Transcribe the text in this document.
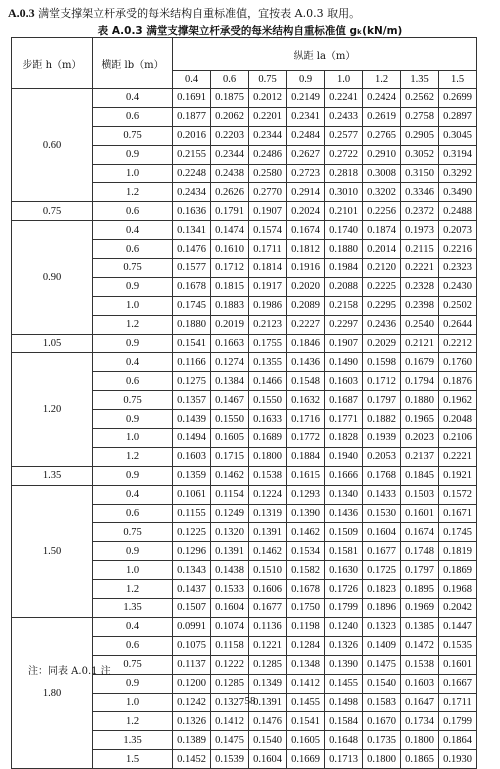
A.0.3 满堂支撑架立杆承受的每米结构自重标准值，宜按表 A.0.3 取用。
表 A.0.3 满堂支撑架立杆承受的每米结构自重标准值 gₖ(kN/m)
步距 h（m）	横距 lb（m）	纵距 la（m）							
		0.4	0.6	0.75	0.9	1.0	1.2	1.35	1.5
0.60	0.4	0.1691	0.1875	0.2012	0.2149	0.2241	0.2424	0.2562	0.2699
	0.6	0.1877	0.2062	0.2201	0.2341	0.2433	0.2619	0.2758	0.2897
	0.75	0.2016	0.2203	0.2344	0.2484	0.2577	0.2765	0.2905	0.3045
	0.9	0.2155	0.2344	0.2486	0.2627	0.2722	0.2910	0.3052	0.3194
	1.0	0.2248	0.2438	0.2580	0.2723	0.2818	0.3008	0.3150	0.3292
	1.2	0.2434	0.2626	0.2770	0.2914	0.3010	0.3202	0.3346	0.3490
0.75	0.6	0.1636	0.1791	0.1907	0.2024	0.2101	0.2256	0.2372	0.2488
0.90	0.4	0.1341	0.1474	0.1574	0.1674	0.1740	0.1874	0.1973	0.2073
	0.6	0.1476	0.1610	0.1711	0.1812	0.1880	0.2014	0.2115	0.2216
	0.75	0.1577	0.1712	0.1814	0.1916	0.1984	0.2120	0.2221	0.2323
	0.9	0.1678	0.1815	0.1917	0.2020	0.2088	0.2225	0.2328	0.2430
	1.0	0.1745	0.1883	0.1986	0.2089	0.2158	0.2295	0.2398	0.2502
	1.2	0.1880	0.2019	0.2123	0.2227	0.2297	0.2436	0.2540	0.2644
1.05	0.9	0.1541	0.1663	0.1755	0.1846	0.1907	0.2029	0.2121	0.2212
1.20	0.4	0.1166	0.1274	0.1355	0.1436	0.1490	0.1598	0.1679	0.1760
	0.6	0.1275	0.1384	0.1466	0.1548	0.1603	0.1712	0.1794	0.1876
	0.75	0.1357	0.1467	0.1550	0.1632	0.1687	0.1797	0.1880	0.1962
	0.9	0.1439	0.1550	0.1633	0.1716	0.1771	0.1882	0.1965	0.2048
	1.0	0.1494	0.1605	0.1689	0.1772	0.1828	0.1939	0.2023	0.2106
	1.2	0.1603	0.1715	0.1800	0.1884	0.1940	0.2053	0.2137	0.2221
1.35	0.9	0.1359	0.1462	0.1538	0.1615	0.1666	0.1768	0.1845	0.1921
1.50	0.4	0.1061	0.1154	0.1224	0.1293	0.1340	0.1433	0.1503	0.1572
	0.6	0.1155	0.1249	0.1319	0.1390	0.1436	0.1530	0.1601	0.1671
	0.75	0.1225	0.1320	0.1391	0.1462	0.1509	0.1604	0.1674	0.1745
	0.9	0.1296	0.1391	0.1462	0.1534	0.1581	0.1677	0.1748	0.1819
	1.0	0.1343	0.1438	0.1510	0.1582	0.1630	0.1725	0.1797	0.1869
	1.2	0.1437	0.1533	0.1606	0.1678	0.1726	0.1823	0.1895	0.1968
	1.35	0.1507	0.1604	0.1677	0.1750	0.1799	0.1896	0.1969	0.2042
1.80	0.4	0.0991	0.1074	0.1136	0.1198	0.1240	0.1323	0.1385	0.1447
	0.6	0.1075	0.1158	0.1221	0.1284	0.1326	0.1409	0.1472	0.1535
	0.75	0.1137	0.1222	0.1285	0.1348	0.1390	0.1475	0.1538	0.1601
	0.9	0.1200	0.1285	0.1349	0.1412	0.1455	0.1540	0.1603	0.1667
	1.0	0.1242	0.1327	0.1391	0.1455	0.1498	0.1583	0.1647	0.1711
	1.2	0.1326	0.1412	0.1476	0.1541	0.1584	0.1670	0.1734	0.1799
	1.35	0.1389	0.1475	0.1540	0.1605	0.1648	0.1735	0.1800	0.1864
	1.5	0.1452	0.1539	0.1604	0.1669	0.1713	0.1800	0.1865	0.1930
注：同表 A.0.1 注
58
